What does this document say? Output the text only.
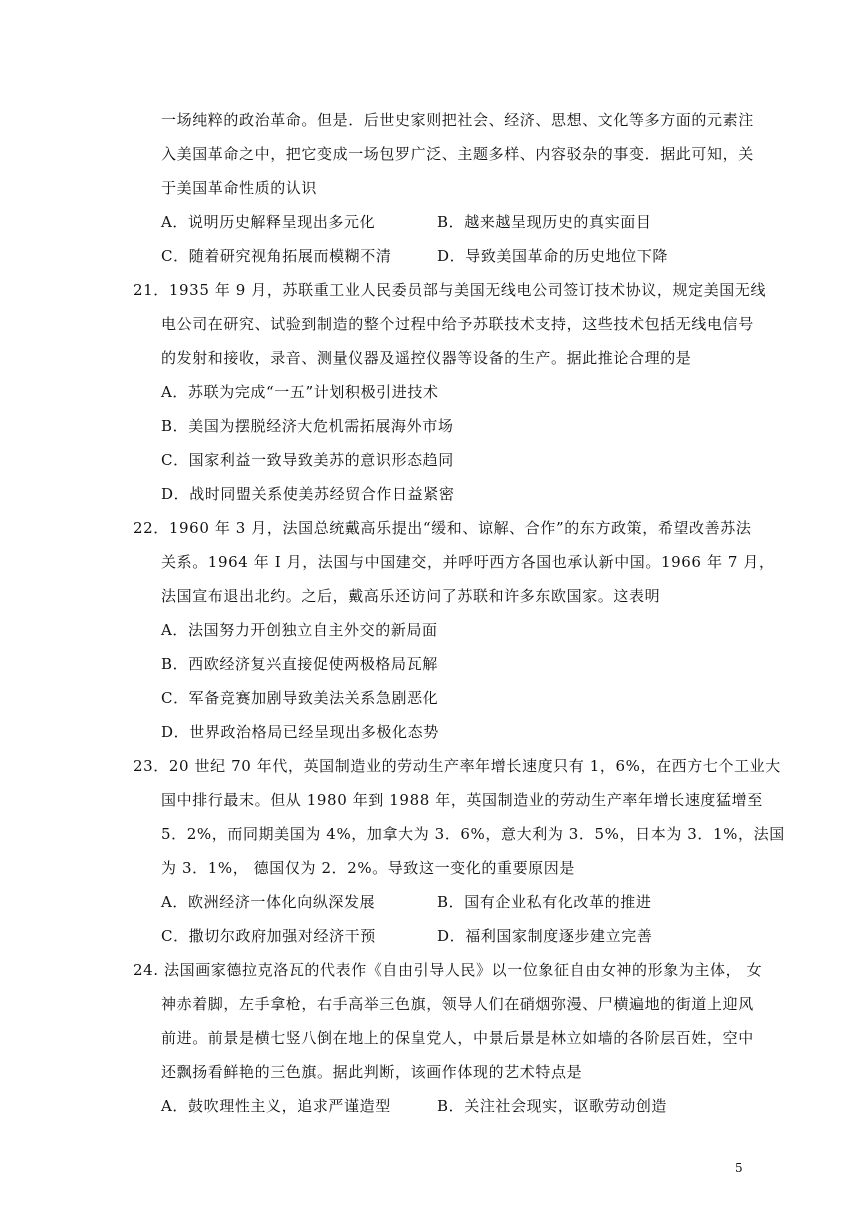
一场纯粹的政治革命。但是．后世史家则把社会、经济、思想、文化等多方面的元素注
入美国革命之中，把它变成一场包罗广泛、主题多样、内容驳杂的事变．据此可知，关
于美国革命性质的认识
A．说明历史解释呈现出多元化	B．越来越呈现历史的真实面目
C．随着研究视角拓展而模糊不清	D．导致美国革命的历史地位下降
21．1935 年 9 月，苏联重工业人民委员部与美国无线电公司签订技术协议，规定美国无线
电公司在研究、试验到制造的整个过程中给予苏联技术支持，这些技术包括无线电信号
的发射和接收，录音、测量仪器及遥控仪器等设备的生产。据此推论合理的是
A．苏联为完成“一五”计划积极引进技术
B．美国为摆脱经济大危机需拓展海外市场
C．国家利益一致导致美苏的意识形态趋同
D．战时同盟关系使美苏经贸合作日益紧密
22．1960 年 3 月，法国总统戴高乐提出“缓和、谅解、合作”的东方政策，希望改善苏法
关系。1964 年 I 月，法国与中国建交，并呼吁西方各国也承认新中国。1966 年 7 月，
法国宣布退出北约。之后，戴高乐还访问了苏联和许多东欧国家。这表明
A．法国努力开创独立自主外交的新局面
B．西欧经济复兴直接促使两极格局瓦解
C．军备竞赛加剧导致美法关系急剧恶化
D．世界政治格局已经呈现出多极化态势
23．20 世纪 70 年代，英国制造业的劳动生产率年增长速度只有 1，6%，在西方七个工业大
国中排行最末。但从 1980 年到 1988 年，英国制造业的劳动生产率年增长速度猛增至
5．2%，而同期美国为 4%，加拿大为 3．6%，意大利为 3．5%，日本为 3．1%，法国
为 3．1%， 德国仅为 2．2%。导致这一变化的重要原因是
A．欧洲经济一体化向纵深发展	B．国有企业私有化改革的推进
C．撒切尔政府加强对经济干预	D．福利国家制度逐步建立完善
24. 法国画家德拉克洛瓦的代表作《自由引导人民》以一位象征自由女神的形象为主体， 女
神赤着脚，左手拿枪，右手高举三色旗，领导人们在硝烟弥漫、尸横遍地的街道上迎风
前进。前景是横七竖八倒在地上的保皇党人，中景后景是林立如墙的各阶层百姓，空中
还飘扬看鲜艳的三色旗。据此判断，该画作体现的艺术特点是
A．鼓吹理性主义，追求严谨造型	B．关注社会现实，讴歌劳动创造
5
